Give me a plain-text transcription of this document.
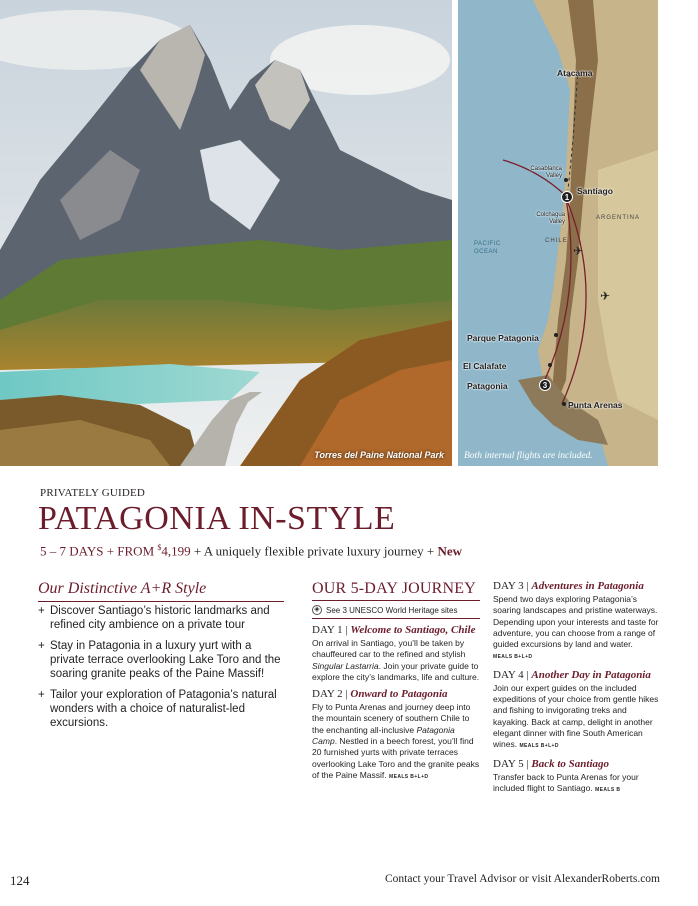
Torres del Paine National Park
✈
✈
Atacama
Casablanca Valley
Santiago
Colchagua Valley
ARGENTINA
CHILE
PACIFIC OCEAN
Parque Patagonia
El Calafate
Patagonia
Punta Arenas
1
3
Both internal flights are included.
PRIVATELY GUIDED
PATAGONIA IN-STYLE
5 – 7 DAYS + FROM $4,199 + A uniquely flexible private luxury journey + New
Our Distinctive A+R Style
+ Discover Santiago’s historic landmarks and refined city ambience on a private tour
+ Stay in Patagonia in a luxury yurt with a private terrace overlooking Lake Toro and the soaring granite peaks of the Paine Massif!
+ Tailor your exploration of Patagonia’s natural wonders with a choice of naturalist-led excursions.
OUR 5-DAY JOURNEY
◈ See 3 UNESCO World Heritage sites
DAY 1 | Welcome to Santiago, Chile
On arrival in Santiago, you’ll be taken by chauffeured car to the refined and stylish Singular Lastarria. Join your private guide to explore the city’s landmarks, life and culture.
DAY 2 | Onward to Patagonia
Fly to Punta Arenas and journey deep into the mountain scenery of southern Chile to the enchanting all-inclusive Patagonia Camp. Nestled in a beech forest, you’ll find 20 furnished yurts with private terraces overlooking Lake Toro and the granite peaks of the Paine Massif. MEALS B+L+D
DAY 3 | Adventures in Patagonia
Spend two days exploring Patagonia’s soaring landscapes and pristine waterways. Depending upon your interests and taste for adventure, you can choose from a range of guided excursions by land and water.
MEALS B+L+D
DAY 4 | Another Day in Patagonia
Join our expert guides on the included expeditions of your choice from gentle hikes and fishing to invigorating treks and kayaking. Back at camp, delight in another elegant dinner with fine South American wines. MEALS B+L+D
DAY 5 | Back to Santiago
Transfer back to Punta Arenas for your included flight to Santiago. MEALS B
124	Contact your Travel Advisor or visit AlexanderRoberts.com
